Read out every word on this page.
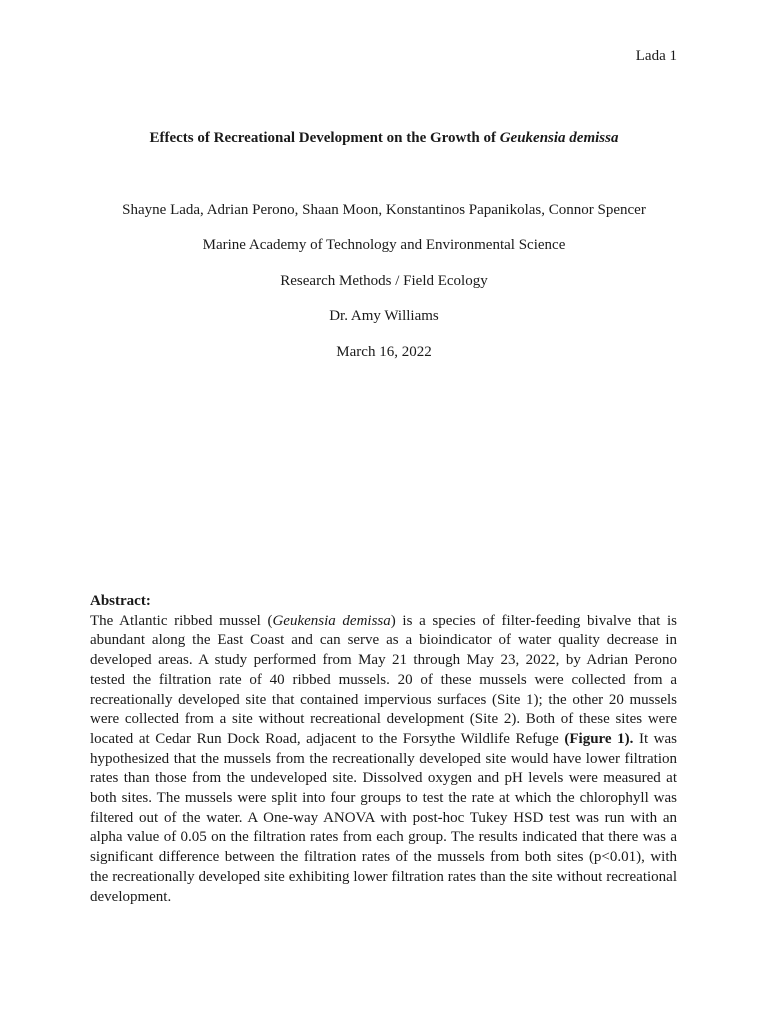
Lada 1
Effects of Recreational Development on the Growth of Geukensia demissa
Shayne Lada, Adrian Perono, Shaan Moon, Konstantinos Papanikolas, Connor Spencer
Marine Academy of Technology and Environmental Science
Research Methods / Field Ecology
Dr. Amy Williams
March 16, 2022
Abstract:
The Atlantic ribbed mussel (Geukensia demissa) is a species of filter-feeding bivalve that is abundant along the East Coast and can serve as a bioindicator of water quality decrease in developed areas. A study performed from May 21 through May 23, 2022, by Adrian Perono tested the filtration rate of 40 ribbed mussels. 20 of these mussels were collected from a recreationally developed site that contained impervious surfaces (Site 1); the other 20 mussels were collected from a site without recreational development (Site 2). Both of these sites were located at Cedar Run Dock Road, adjacent to the Forsythe Wildlife Refuge (Figure 1). It was hypothesized that the mussels from the recreationally developed site would have lower filtration rates than those from the undeveloped site. Dissolved oxygen and pH levels were measured at both sites. The mussels were split into four groups to test the rate at which the chlorophyll was filtered out of the water. A One-way ANOVA with post-hoc Tukey HSD test was run with an alpha value of 0.05 on the filtration rates from each group. The results indicated that there was a significant difference between the filtration rates of the mussels from both sites (p<0.01), with the recreationally developed site exhibiting lower filtration rates than the site without recreational development.
